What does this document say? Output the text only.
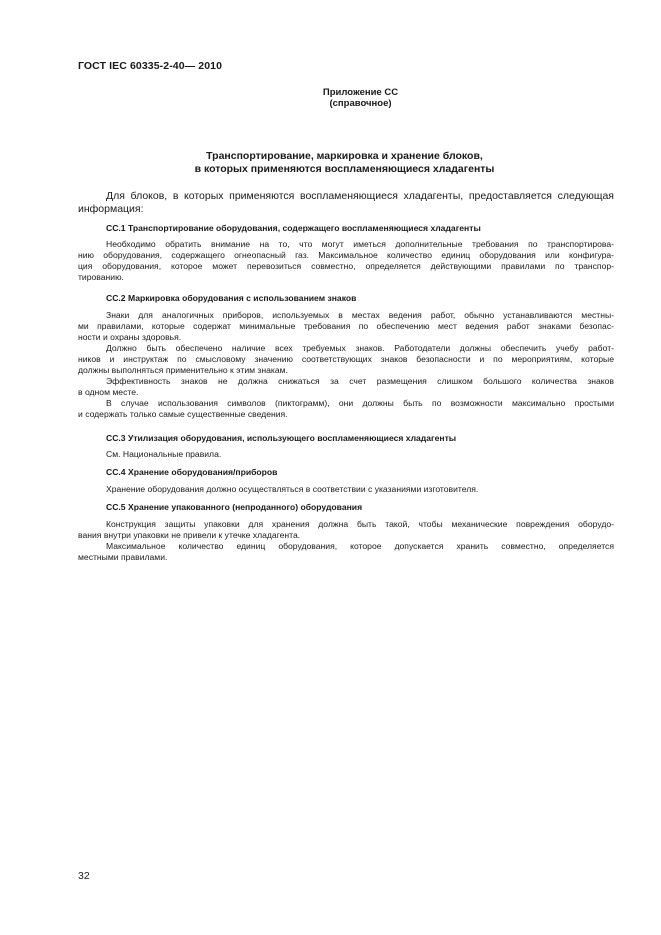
ГОСТ IEC 60335-2-40— 2010
Приложение СС
(справочное)
Транспортирование, маркировка и хранение блоков,
в которых применяются воспламеняющиеся хладагенты
Для блоков, в которых применяются воспламеняющиеся хладагенты, предоставляется следующая
информация:
СС.1 Транспортирование оборудования, содержащего воспламеняющиеся хладагенты
Необходимо обратить внимание на то, что могут иметься дополнительные требования по транспортирова-
нию оборудования, содержащего огнеопасный газ. Максимальное количество единиц оборудования или конфигура-
ция оборудования, которое может перевозиться совместно, определяется действующими правилами по транспор-
тированию.
СС.2 Маркировка оборудования с использованием знаков
Знаки для аналогичных приборов, используемых в местах ведения работ, обычно устанавливаются местны-
ми правилами, которые содержат минимальные требования по обеспечению мест ведения работ знаками безопас-
ности и охраны здоровья.
Должно быть обеспечено наличие всех требуемых знаков. Работодатели должны обеспечить учебу работ-
ников и инструктаж по смысловому значению соответствующих знаков безопасности и по мероприятиям, которые
должны выполняться применительно к этим знакам.
Эффективность знаков не должна снижаться за счет размещения слишком большого количества знаков
в одном месте.
В случае использования символов (пиктограмм), они должны быть по возможности максимально простыми
и содержать только самые существенные сведения.
СС.3 Утилизация оборудования, использующего воспламеняющиеся хладагенты
См. Национальные правила.
СС.4 Хранение оборудования/приборов
Хранение оборудования должно осуществляться в соответствии с указаниями изготовителя.
СС.5 Хранение упакованного (непроданного) оборудования
Конструкция защиты упаковки для хранения должна быть такой, чтобы механические повреждения оборудо-
вания внутри упаковки не привели к утечке хладагента.
Максимальное количество единиц оборудования, которое допускается хранить совместно, определяется
местными правилами.
32
